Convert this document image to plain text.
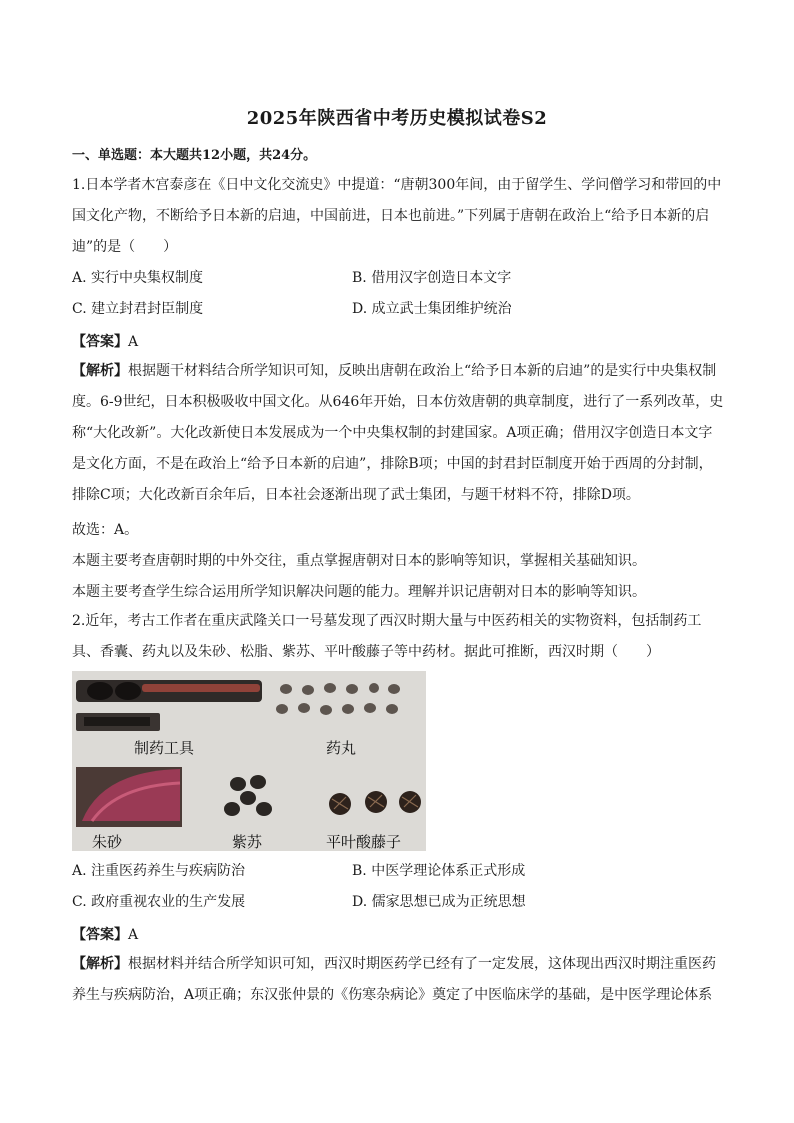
2025年陕西省中考历史模拟试卷S2
一、单选题：本大题共12小题，共24分。
1.日本学者木宫泰彦在《日中文化交流史》中提道：“唐朝300年间，由于留学生、学问僧学习和带回的中国文化产物，不断给予日本新的启迪，中国前进，日本也前进。”下列属于唐朝在政治上“给予日本新的启迪”的是（　　）
A. 实行中央集权制度	B. 借用汉字创造日本文字
C. 建立封君封臣制度	D. 成立武士集团维护统治
【答案】A
【解析】根据题干材料结合所学知识可知，反映出唐朝在政治上“给予日本新的启迪”的是实行中央集权制度。6-9世纪，日本积极吸收中国文化。从646年开始，日本仿效唐朝的典章制度，进行了一系列改革，史称“大化改新”。大化改新使日本发展成为一个中央集权制的封建国家。A项正确；借用汉字创造日本文字是文化方面，不是在政治上“给予日本新的启迪”，排除B项；中国的封君封臣制度开始于西周的分封制，排除C项；大化改新百余年后，日本社会逐渐出现了武士集团，与题干材料不符，排除D项。
故选：A。
本题主要考查唐朝时期的中外交往，重点掌握唐朝对日本的影响等知识，掌握相关基础知识。
本题主要考查学生综合运用所学知识解决问题的能力。理解并识记唐朝对日本的影响等知识。
2.近年，考古工作者在重庆武隆关口一号墓发现了西汉时期大量与中医药相关的实物资料，包括制药工具、香囊、药丸以及朱砂、松脂、紫苏、平叶酸藤子等中药材。据此可推断，西汉时期（　　）
制药工具	药丸
朱砂	紫苏	平叶酸藤子
A. 注重医药养生与疾病防治	B. 中医学理论体系正式形成
C. 政府重视农业的生产发展	D. 儒家思想已成为正统思想
【答案】A
【解析】根据材料并结合所学知识可知，西汉时期医药学已经有了一定发展，这体现出西汉时期注重医药养生与疾病防治，A项正确；东汉张仲景的《伤寒杂病论》奠定了中医临床学的基础，是中医学理论体系
